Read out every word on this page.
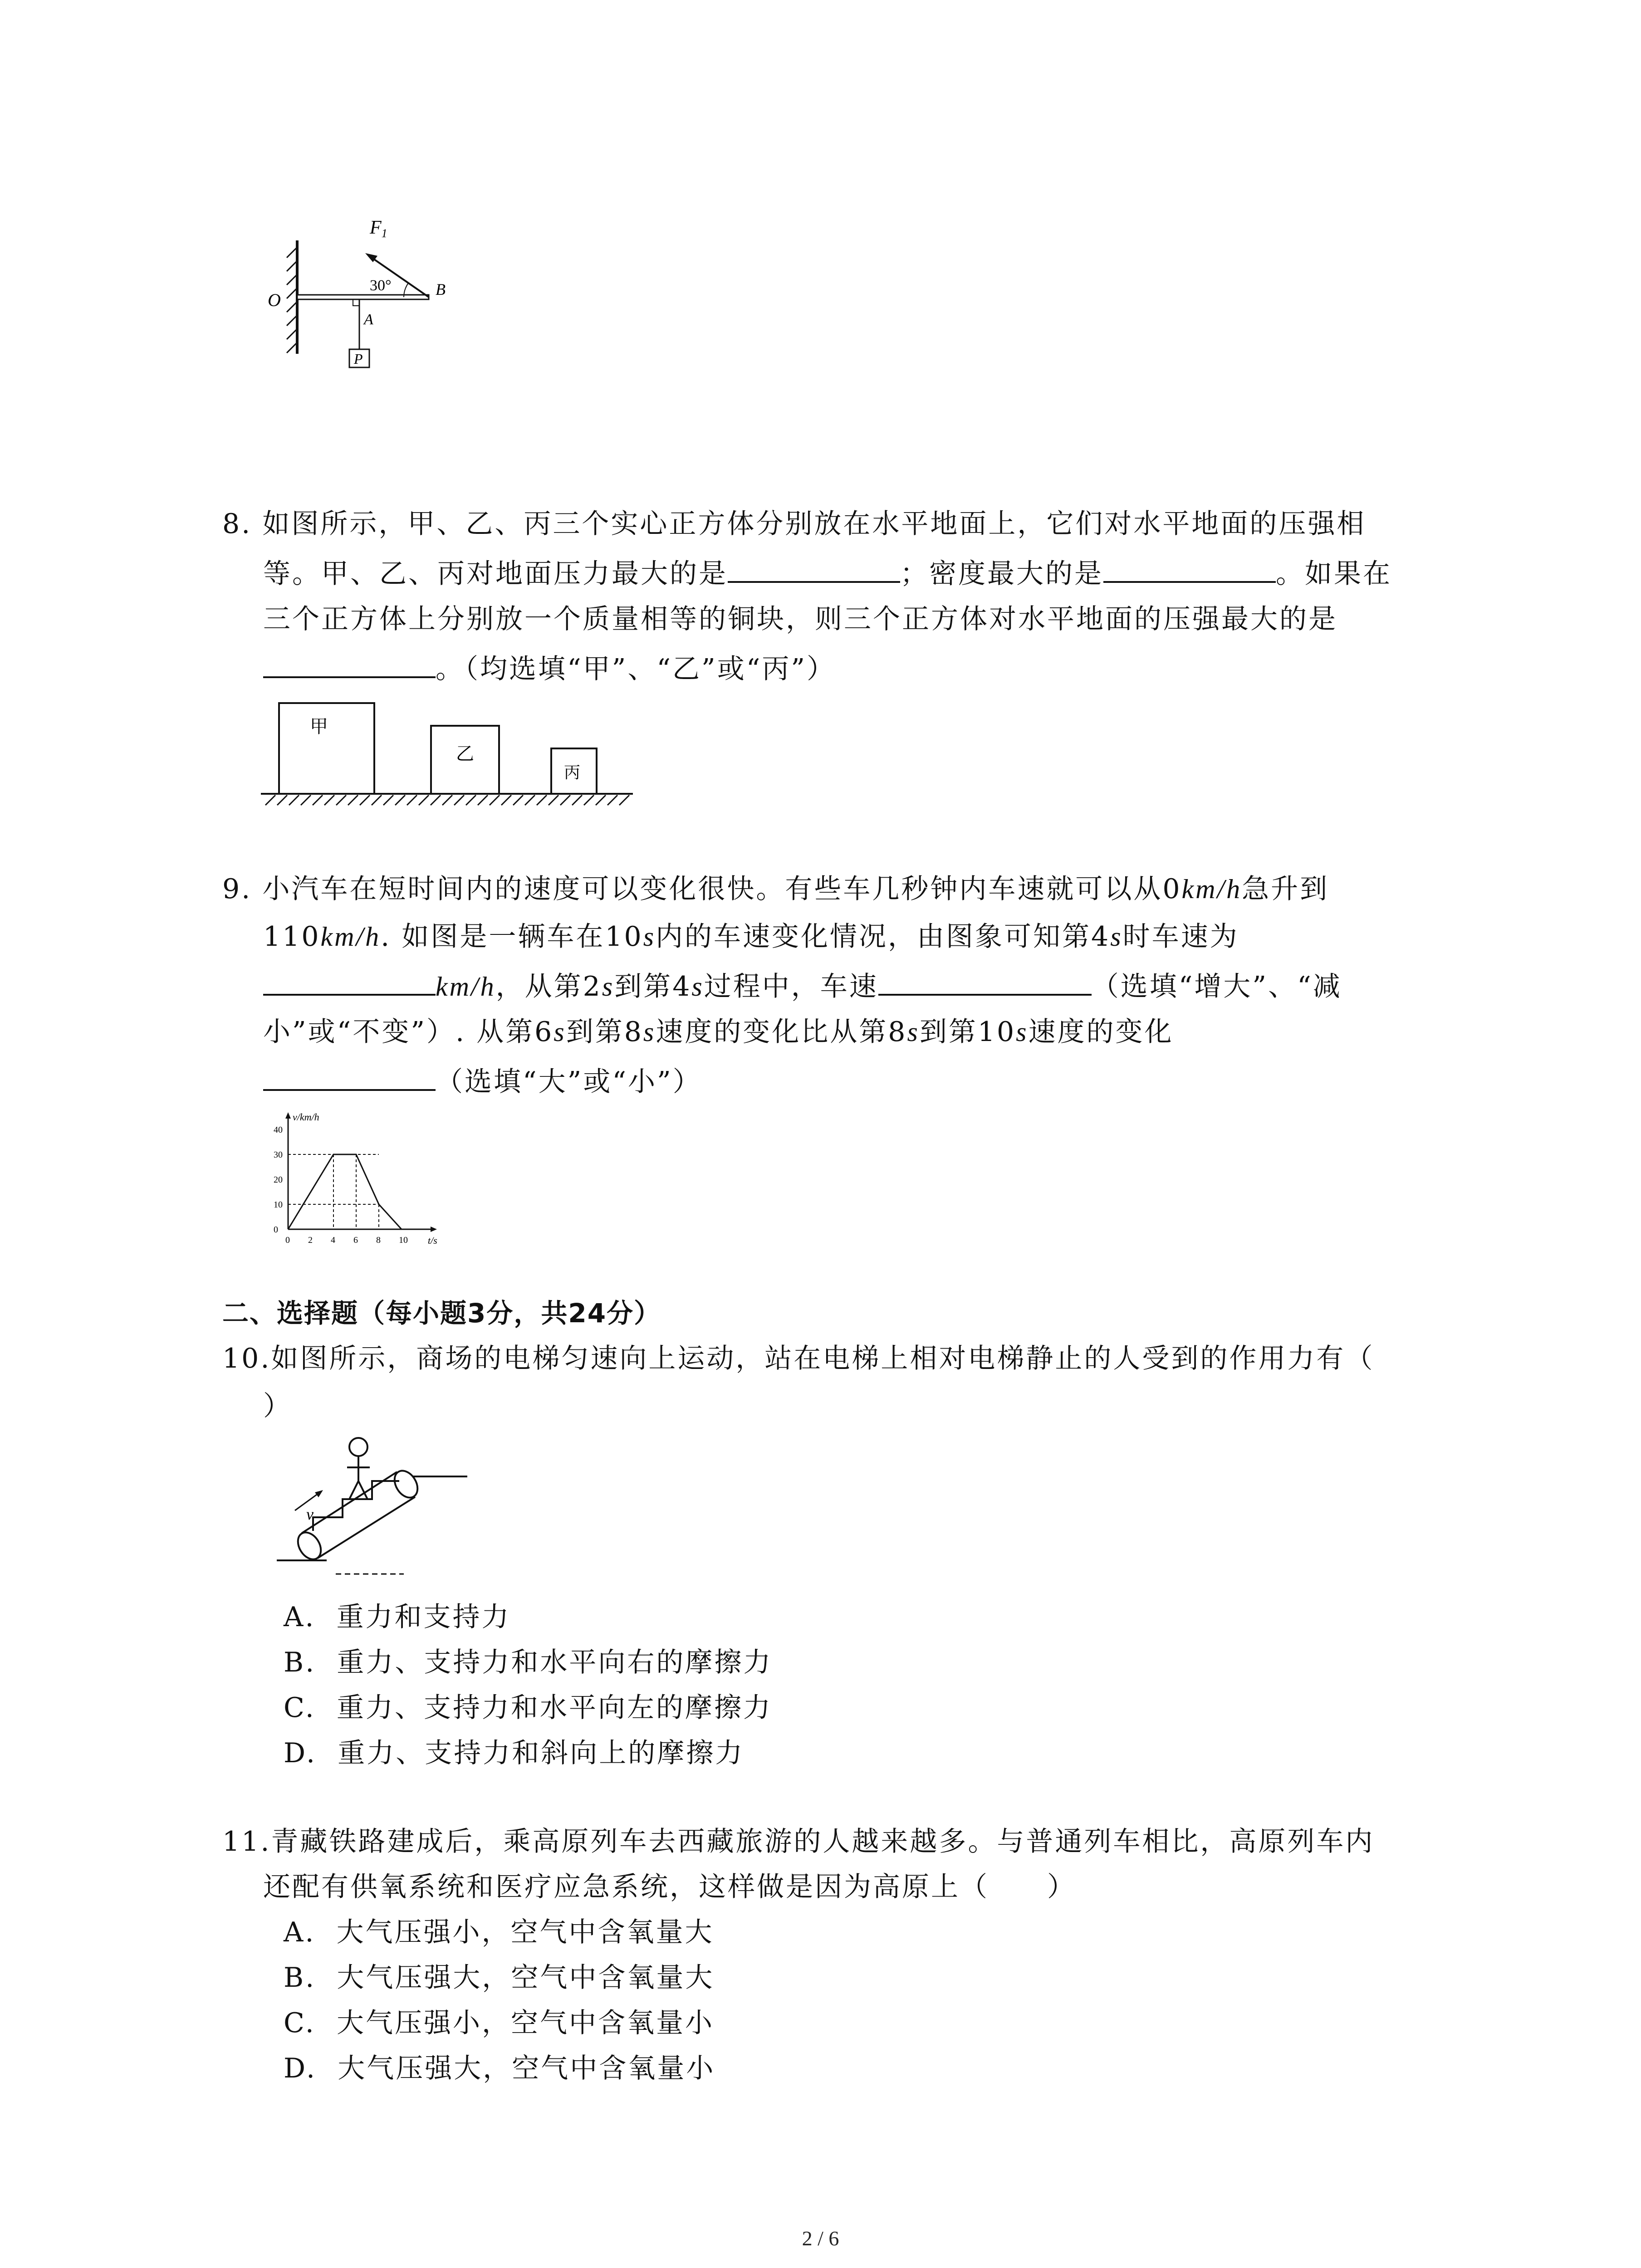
F1
30°
O
B
A
P
8. 如图所示，甲、乙、丙三个实心正方体分别放在水平地面上，它们对水平地面的压强相
等。甲、乙、丙对地面压力最大的是	；密度最大的是	。如果在
三个正方体上分别放一个质量相等的铜块，则三个正方体对水平地面的压强最大的是
。（均选填“甲”、“乙”或“丙”）
甲
乙
丙
9. 小汽车在短时间内的速度可以变化很快。有些车几秒钟内车速就可以从0km/h急升到
110km/h. 如图是一辆车在10s内的车速变化情况，由图象可知第4s时车速为
km/h，从第2s到第4s过程中，车速	（选填“增大”、“减
小”或“不变”）. 从第6s到第8s速度的变化比从第8s到第10s速度的变化
（选填“大”或“小”）
0 2 4 6 8 10
0
10
20
30
40
t/s
v/km/h
二、选择题（每小题3分，共24分）
10.如图所示，商场的电梯匀速向上运动，站在电梯上相对电梯静止的人受到的作用力有（
）
v
A. 重力和支持力
B. 重力、支持力和水平向右的摩擦力
C. 重力、支持力和水平向左的摩擦力
D. 重力、支持力和斜向上的摩擦力
11.青藏铁路建成后，乘高原列车去西藏旅游的人越来越多。与普通列车相比，高原列车内
还配有供氧系统和医疗应急系统，这样做是因为高原上（　　）
A. 大气压强小，空气中含氧量大
B. 大气压强大，空气中含氧量大
C. 大气压强小，空气中含氧量小
D. 大气压强大，空气中含氧量小
2 / 6
